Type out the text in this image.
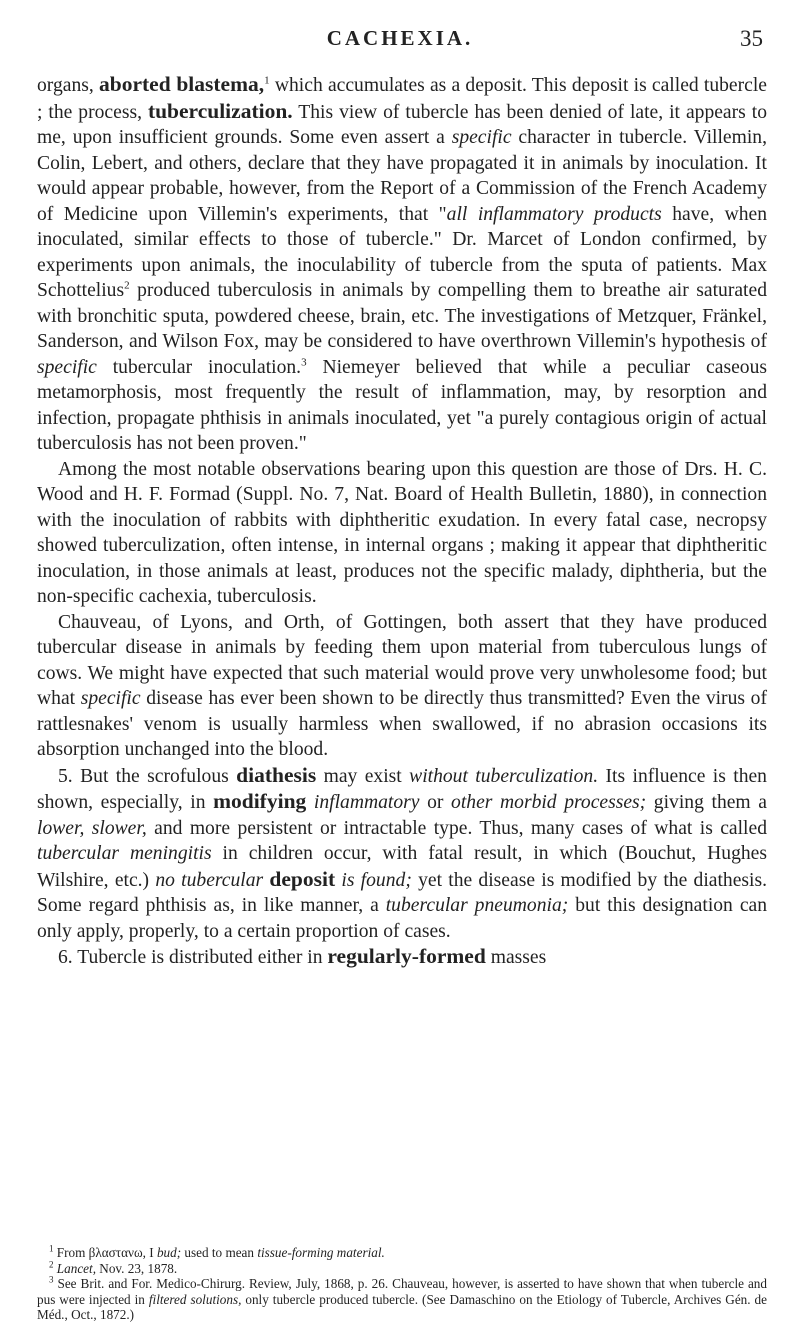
CACHEXIA.	35

organs, aborted blastema,$^1$ which accumulates as a deposit. This deposit is called tubercle ; the process, tuberculization. This view of tubercle has been denied of late, it appears to me, upon insufficient grounds. Some even assert a specific character in tubercle. Villemin, Colin, Lebert, and others, declare that they have propagated it in animals by inoculation. It would appear probable, however, from the Report of a Commission of the French Academy of Medicine upon Villemin's experiments, that "all inflammatory products have, when inoculated, similar effects to those of tubercle." Dr. Marcet of London confirmed, by experiments upon animals, the inoculability of tubercle from the sputa of patients. Max Schottelius$^2$ produced tuberculosis in animals by compelling them to breathe air saturated with bronchitic sputa, powdered cheese, brain, etc. The investigations of Metzquer, Fränkel, Sanderson, and Wilson Fox, may be considered to have overthrown Villemin's hypothesis of specific tubercular inoculation.$^3$ Niemeyer believed that while a peculiar caseous metamorphosis, most frequently the result of inflammation, may, by resorption and infection, propagate phthisis in animals inoculated, yet "a purely contagious origin of actual tuberculosis has not been proven."

Among the most notable observations bearing upon this question are those of Drs. H. C. Wood and H. F. Formad (Suppl. No. 7, Nat. Board of Health Bulletin, 1880), in connection with the inoculation of rabbits with diphtheritic exudation. In every fatal case, necropsy showed tuberculization, often intense, in internal organs ; making it appear that diphtheritic inoculation, in those animals at least, produces not the specific malady, diphtheria, but the non-specific cachexia, tuberculosis.

Chauveau, of Lyons, and Orth, of Gottingen, both assert that they have produced tubercular disease in animals by feeding them upon material from tuberculous lungs of cows. We might have expected that such material would prove very unwholesome food; but what specific disease has ever been shown to be directly thus transmitted? Even the virus of rattlesnakes' venom is usually harmless when swallowed, if no abrasion occasions its absorption unchanged into the blood.

5. But the scrofulous diathesis may exist without tuberculization. Its influence is then shown, especially, in modifying inflammatory or other morbid processes; giving them a lower, slower, and more persistent or intractable type. Thus, many cases of what is called tubercular meningitis in children occur, with fatal result, in which (Bouchut, Hughes Wilshire, etc.) no tubercular deposit is found; yet the disease is modified by the diathesis. Some regard phthisis as, in like manner, a tubercular pneumonia; but this designation can only apply, properly, to a certain proportion of cases.

6. Tubercle is distributed either in regularly-formed masses

$^1$ From βλαστανω, I bud; used to mean tissue-forming material.

$^2$ Lancet, Nov. 23, 1878.

$^3$ See Brit. and For. Medico-Chirurg. Review, July, 1868, p. 26. Chauveau, however, is asserted to have shown that when tubercle and pus were injected in filtered solutions, only tubercle produced tubercle. (See Damaschino on the Etiology of Tubercle, Archives Gén. de Méd., Oct., 1872.)
